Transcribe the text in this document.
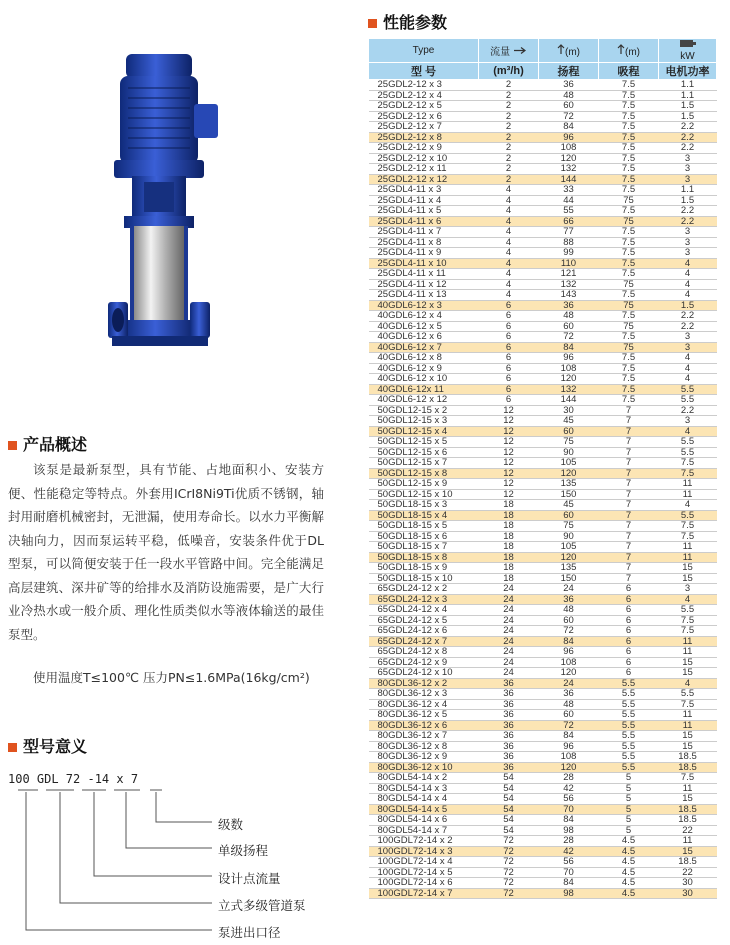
性能参数
Type	流量	(m)	(m)	kW
型 号	(m³/h)	扬程	吸程	电机功率
25GDL2-12 x 3	2	36	7.5	1.1
25GDL2-12 x 4	2	48	7.5	1.1
25GDL2-12 x 5	2	60	7.5	1.5
25GDL2-12 x 6	2	72	7.5	1.5
25GDL2-12 x 7	2	84	7.5	2.2
25GDL2-12 x 8	2	96	7.5	2.2
25GDL2-12 x 9	2	108	7.5	2.2
25GDL2-12 x 10	2	120	7.5	3
25GDL2-12 x 11	2	132	7.5	3
25GDL2-12 x 12	2	144	7.5	3
25GDL4-11 x 3	4	33	7.5	1.1
25GDL4-11 x 4	4	44	75	1.5
25GDL4-11 x 5	4	55	7.5	2.2
25GDL4-11 x 6	4	66	75	2.2
25GDL4-11 x 7	4	77	7.5	3
25GDL4-11 x 8	4	88	7.5	3
25GDL4-11 x 9	4	99	7.5	3
25GDL4-11 x 10	4	110	7.5	4
25GDL4-11 x 11	4	121	7.5	4
25GDL4-11 x 12	4	132	75	4
25GDL4-11 x 13	4	143	7.5	4
40GDL6-12 x 3	6	36	75	1.5
40GDL6-12 x 4	6	48	7.5	2.2
40GDL6-12 x 5	6	60	75	2.2
40GDL6-12 x 6	6	72	7.5	3
40GDL6-12 x 7	6	84	75	3
40GDL6-12 x 8	6	96	7.5	4
40GDL6-12 x 9	6	108	7.5	4
40GDL6-12 x 10	6	120	7.5	4
40GDL6-12x 11	6	132	7.5	5.5
40GDL6-12 x 12	6	144	7.5	5.5
50GDL12-15 x 2	12	30	7	2.2
50GDL12-15 x 3	12	45	7	3
50GDL12-15 x 4	12	60	7	4
50GDL12-15 x 5	12	75	7	5.5
50GDL12-15 x 6	12	90	7	5.5
50GDL12-15 x 7	12	105	7	7.5
50GDL12-15 x 8	12	120	7	7.5
50GDL12-15 x 9	12	135	7	11
50GDL12-15 x 10	12	150	7	11
50GDL18-15 x 3	18	45	7	4
50GDL18-15 x 4	18	60	7	5.5
50GDL18-15 x 5	18	75	7	7.5
50GDL18-15 x 6	18	90	7	7.5
50GDL18-15 x 7	18	105	7	11
50GDL18-15 x 8	18	120	7	11
50GDL18-15 x 9	18	135	7	15
50GDL18-15 x 10	18	150	7	15
65GDL24-12 x 2	24	24	6	3
65GDL24-12 x 3	24	36	6	4
65GDL24-12 x 4	24	48	6	5.5
65GDL24-12 x 5	24	60	6	7.5
65GDL24-12 x 6	24	72	6	7.5
65GDL24-12 x 7	24	84	6	11
65GDL24-12 x 8	24	96	6	11
65GDL24-12 x 9	24	108	6	15
65GDL24-12 x 10	24	120	6	15
80GDL36-12 x 2	36	24	5.5	4
80GDL36-12 x 3	36	36	5.5	5.5
80GDL36-12 x 4	36	48	5.5	7.5
80GDL36-12 x 5	36	60	5.5	11
80GDL36-12 x 6	36	72	5.5	11
80GDL36-12 x 7	36	84	5.5	15
80GDL36-12 x 8	36	96	5.5	15
80GDL36-12 x 9	36	108	5.5	18.5
80GDL36-12 x 10	36	120	5.5	18.5
80GDL54-14 x 2	54	28	5	7.5
80GDL54-14 x 3	54	42	5	11
80GDL54-14 x 4	54	56	5	15
80GDL54-14 x 5	54	70	5	18.5
80GDL54-14 x 6	54	84	5	18.5
80GDL54-14 x 7	54	98	5	22
100GDL72-14 x 2	72	28	4.5	11
100GDL72-14 x 3	72	42	4.5	15
100GDL72-14 x 4	72	56	4.5	18.5
100GDL72-14 x 5	72	70	4.5	22
100GDL72-14 x 6	72	84	4.5	30
100GDL72-14 x 7	72	98	4.5	30
产品概述
该泵是最新泵型，具有节能、占地面积小、安装方便、性能稳定等特点。外套用ICrI8Ni9Ti优质不锈钢，轴封用耐磨机械密封，无泄漏，使用寿命长。以水力平衡解决轴向力，因而泵运转平稳，低噪音，安装条件优于DL型泵，可以简便安装于任一段水平管路中间。完全能满足高层建筑、深井矿等的给排水及消防设施需要，是广大行业冷热水或一般介质、理化性质类似水等液体输送的最佳泵型。
使用温度T≤100℃ 压力PN≤1.6MPa(16kg/cm²)
型号意义
100 GDL 72 -14 x 7
级数
单级扬程
设计点流量
立式多级管道泵
泵进出口径
